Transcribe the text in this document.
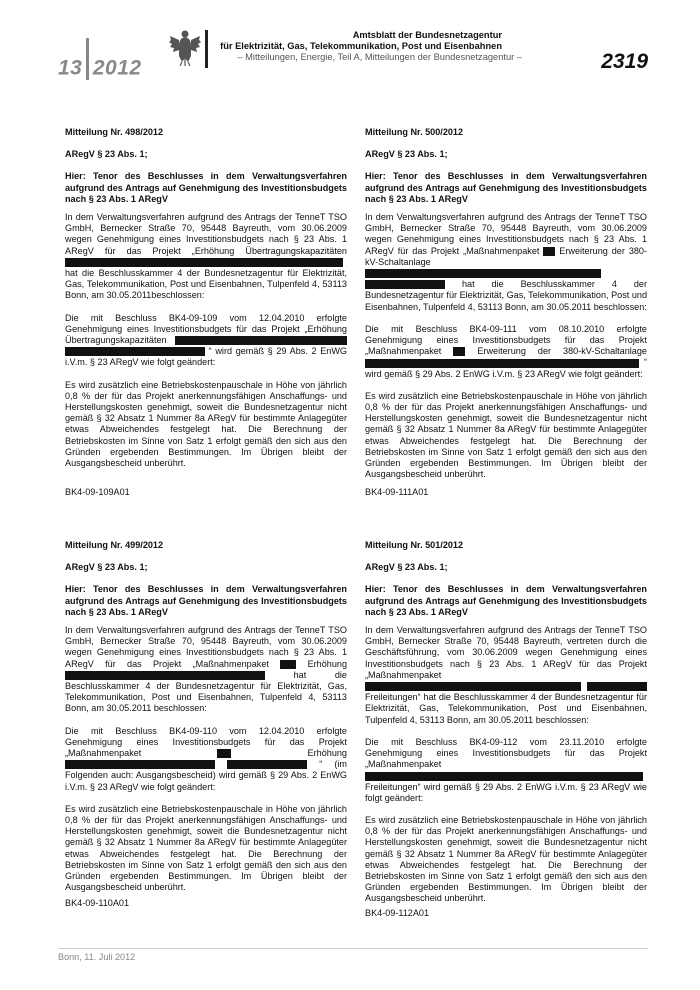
13 2012
Amtsblatt der Bundesnetzagentur
für Elektrizität, Gas, Telekommunikation, Post und Eisenbahnen
– Mitteilungen, Energie, Teil A, Mitteilungen der Bundesnetzagentur –	2319

Mitteilung Nr. 498/2012

ARegV § 23 Abs. 1;

Hier: Tenor des Beschlusses in dem Verwaltungsverfahren aufgrund des Antrags auf Genehmigung des Investitionsbudgets nach § 23 Abs. 1 ARegV

In dem Verwaltungsverfahren aufgrund des Antrags der TenneT TSO GmbH, Bernecker Straße 70, 95448 Bayreuth, vom 30.06.2009 wegen Genehmigung eines Investitionsbudgets nach § 23 Abs. 1 ARegV für das Projekt „Erhöhung Übertragungskapazitäten  hat die Beschlusskammer 4 der Bundesnetzagentur für Elektrizität, Gas, Telekommunikation, Post und Eisenbahnen, Tulpenfeld 4, 53113 Bonn, am 30.05.2011beschlossen:

Die mit Beschluss BK4-09-109 vom 12.04.2010 erfolgte Genehmigung eines Investitionsbudgets für das Projekt „Erhöhung Übertragungskapazitäten   “ wird gemäß § 29 Abs. 2 EnWG i.V.m. § 23 ARegV wie folgt geändert:

Es wird zusätzlich eine Betriebskostenpauschale in Höhe von jährlich 0,8 % der für das Projekt anerkennungsfähigen Anschaffungs- und Herstellungskosten genehmigt, soweit die Bundesnetzagentur nicht gemäß § 32 Absatz 1 Nummer 8a ARegV für bestimmte Anlagegüter etwas Abweichendes festgelegt hat. Die Berechnung der Betriebskosten im Sinne von Satz 1 erfolgt gemäß den sich aus den Gründen ergebenden Bestimmungen. Im Übrigen bleibt der Ausgangsbescheid unberührt.

BK4-09-109A01

Mitteilung Nr. 500/2012

ARegV § 23 Abs. 1;

Hier: Tenor des Beschlusses in dem Verwaltungsverfahren aufgrund des Antrags auf Genehmigung des Investitionsbudgets nach § 23 Abs. 1 ARegV

In dem Verwaltungsverfahren aufgrund des Antrags der TenneT TSO GmbH, Bernecker Straße 70, 95448 Bayreuth, vom 30.06.2009 wegen Genehmigung eines Investitionsbudgets nach § 23 Abs. 1 ARegV für das Projekt „Maßnahmenpaket Erweiterung der 380-kV-Schaltanlage   hat die Beschlusskammer 4 der Bundesnetzagentur für Elektrizität, Gas, Telekommunikation, Post und Eisenbahnen, Tulpenfeld 4, 53113 Bonn, am 30.05.2011 beschlossen:

Die mit Beschluss BK4-09-111 vom 08.10.2010 erfolgte Genehmigung eines Investitionsbudgets für das Projekt „Maßnahmenpaket	Erweiterung der 380-kV-Schaltanlage  “ wird gemäß § 29 Abs. 2 EnWG i.V.m. § 23 ARegV wie folgt geändert:

Es wird zusätzlich eine Betriebskostenpauschale in Höhe von jährlich 0,8 % der für das Projekt anerkennungsfähigen Anschaffungs- und Herstellungskosten genehmigt, soweit die Bundesnetzagentur nicht gemäß § 32 Absatz 1 Nummer 8a ARegV für bestimmte Anlagegüter etwas Abweichendes festgelegt hat. Die Berechnung der Betriebskosten im Sinne von Satz 1 erfolgt gemäß den sich aus den Gründen ergebenden Bestimmungen. Im Übrigen bleibt der Ausgangsbescheid unberührt.

BK4-09-111A01

Mitteilung Nr. 499/2012

ARegV § 23 Abs. 1;

Hier: Tenor des Beschlusses in dem Verwaltungsverfahren aufgrund des Antrags auf Genehmigung des Investitionsbudgets nach § 23 Abs. 1 ARegV

In dem Verwaltungsverfahren aufgrund des Antrags der TenneT TSO GmbH, Bernecker Straße 70, 95448 Bayreuth, vom 30.06.2009 wegen Genehmigung eines Investitionsbudgets nach § 23 Abs. 1 ARegV für das Projekt „Maßnahmenpaket	Erhöhung  hat die Beschlusskammer 4 der Bundesnetzagentur für Elektrizität, Gas, Telekommunikation, Post und Eisenbahnen, Tulpenfeld 4, 53113 Bonn, am 30.05.2011 beschlossen:

Die mit Beschluss BK4-09-110 vom 12.04.2010 erfolgte Genehmigung eines Investitionsbudgets für das Projekt „Maßnahmenpaket	Erhöhung   “ (im Folgenden auch: Ausgangsbescheid) wird gemäß § 29 Abs. 2 EnWG i.V.m. § 23 ARegV wie folgt geändert:

Es wird zusätzlich eine Betriebskostenpauschale in Höhe von jährlich 0,8 % der für das Projekt anerkennungsfähigen Anschaffungs- und Herstellungskosten genehmigt, soweit die Bundesnetzagentur nicht gemäß § 32 Absatz 1 Nummer 8a ARegV für bestimmte Anlagegüter etwas Abweichendes festgelegt hat. Die Berechnung der Betriebskosten im Sinne von Satz 1 erfolgt gemäß den sich aus den Gründen ergebenden Bestimmungen. Im Übrigen bleibt der Ausgangsbescheid unberührt.

BK4-09-110A01

Mitteilung Nr. 501/2012

ARegV § 23 Abs. 1;

Hier: Tenor des Beschlusses in dem Verwaltungsverfahren aufgrund des Antrags auf Genehmigung des Investitionsbudgets nach § 23 Abs. 1 ARegV

In dem Verwaltungsverfahren aufgrund des Antrags der TenneT TSO GmbH, Bernecker Straße 70, 95448 Bayreuth, vertreten durch die Geschäftsführung, vom 30.06.2009 wegen Genehmigung eines Investitionsbudgets nach § 23 Abs. 1 ARegV für das Projekt „Maßnahmenpaket   Freileitungen“ hat die Beschlusskammer 4 der Bundesnetzagentur für Elektrizität, Gas, Telekommunikation, Post und Eisenbahnen, Tulpenfeld 4, 53113 Bonn, am 30.05.2011 beschlossen:

Die mit Beschluss BK4-09-112 vom 23.11.2010 erfolgte Genehmigung eines Investitionsbudgets für das Projekt „Maßnahmenpaket  Freileitungen“ wird gemäß § 29 Abs. 2 EnWG i.V.m. § 23 ARegV wie folgt geändert:

Es wird zusätzlich eine Betriebskostenpauschale in Höhe von jährlich 0,8 % der für das Projekt anerkennungsfähigen Anschaffungs- und Herstellungskosten genehmigt, soweit die Bundesnetzagentur nicht gemäß § 32 Absatz 1 Nummer 8a ARegV für bestimmte Anlagegüter etwas Abweichendes festgelegt hat. Die Berechnung der Betriebskosten im Sinne von Satz 1 erfolgt gemäß den sich aus den Gründen ergebenden Bestimmungen. Im Übrigen bleibt der Ausgangsbescheid unberührt.

BK4-09-112A01
Bonn, 11. Juli 2012
